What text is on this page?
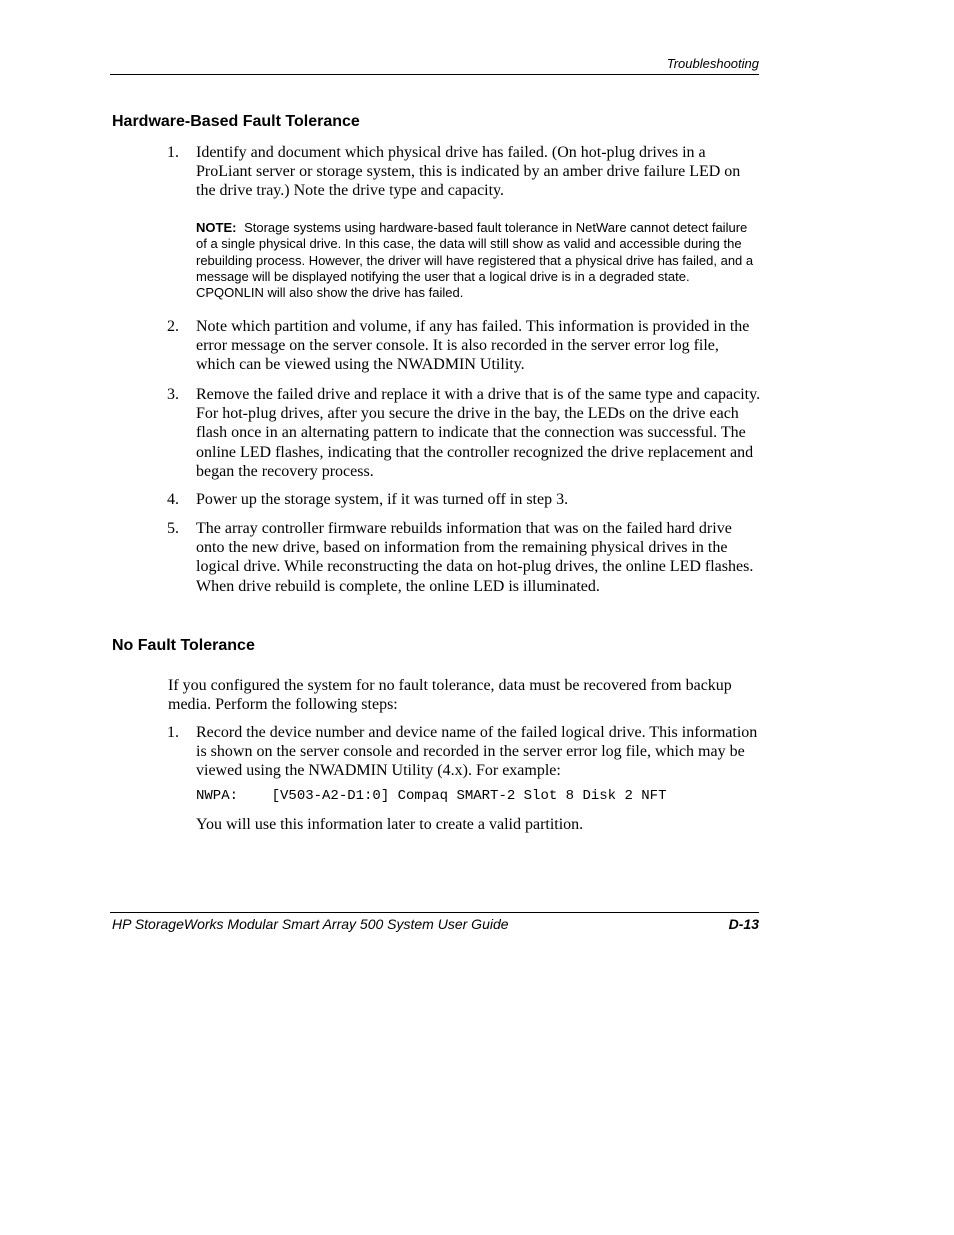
Troubleshooting
Hardware-Based Fault Tolerance
1. Identify and document which physical drive has failed. (On hot-plug drives in a ProLiant server or storage system, this is indicated by an amber drive failure LED on the drive tray.) Note the drive type and capacity.
NOTE: Storage systems using hardware-based fault tolerance in NetWare cannot detect failure of a single physical drive. In this case, the data will still show as valid and accessible during the rebuilding process. However, the driver will have registered that a physical drive has failed, and a message will be displayed notifying the user that a logical drive is in a degraded state. CPQONLIN will also show the drive has failed.
2. Note which partition and volume, if any has failed. This information is provided in the error message on the server console. It is also recorded in the server error log file, which can be viewed using the NWADMIN Utility.
3. Remove the failed drive and replace it with a drive that is of the same type and capacity. For hot-plug drives, after you secure the drive in the bay, the LEDs on the drive each flash once in an alternating pattern to indicate that the connection was successful. The online LED flashes, indicating that the controller recognized the drive replacement and began the recovery process.
4. Power up the storage system, if it was turned off in step 3.
5. The array controller firmware rebuilds information that was on the failed hard drive onto the new drive, based on information from the remaining physical drives in the logical drive. While reconstructing the data on hot-plug drives, the online LED flashes. When drive rebuild is complete, the online LED is illuminated.
No Fault Tolerance
If you configured the system for no fault tolerance, data must be recovered from backup media. Perform the following steps:
1. Record the device number and device name of the failed logical drive. This information is shown on the server console and recorded in the server error log file, which may be viewed using the NWADMIN Utility (4.x). For example:
NWPA:    [V503-A2-D1:0] Compaq SMART-2 Slot 8 Disk 2 NFT
You will use this information later to create a valid partition.
HP StorageWorks Modular Smart Array 500 System User Guide	D-13
